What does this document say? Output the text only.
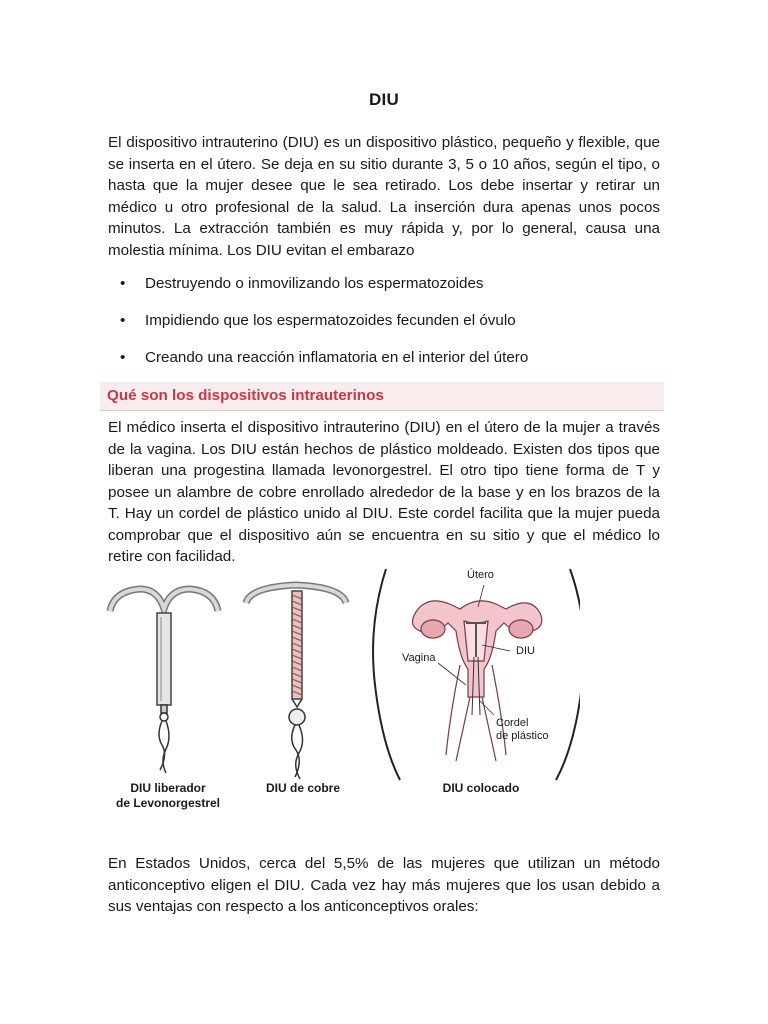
DIU

El dispositivo intrauterino (DIU) es un dispositivo plástico, pequeño y flexible, que se inserta en el útero. Se deja en su sitio durante 3, 5 o 10 años, según el tipo, o hasta que la mujer desee que le sea retirado. Los debe insertar y retirar un médico u otro profesional de la salud. La inserción dura apenas unos pocos minutos. La extracción también es muy rápida y, por lo general, causa una molestia mínima. Los DIU evitan el embarazo

• Destruyendo o inmovilizando los espermatozoides
• Impidiendo que los espermatozoides fecunden el óvulo
• Creando una reacción inflamatoria en el interior del útero
Qué son los dispositivos intrauterinos

El médico inserta el dispositivo intrauterino (DIU) en el útero de la mujer a través de la vagina. Los DIU están hechos de plástico moldeado. Existen dos tipos que liberan una progestina llamada levonorgestrel. El otro tipo tiene forma de T y posee un alambre de cobre enrollado alrededor de la base y en los brazos de la T. Hay un cordel de plástico unido al DIU. Este cordel facilita que la mujer pueda comprobar que el dispositivo aún se encuentra en su sitio y que el médico lo retire con facilidad.

Útero
DIU
Vagina
Cordel
de plástico
DIU liberador
de Levonorgestrel
DIU de cobre	DIU colocado

En Estados Unidos, cerca del 5,5% de las mujeres que utilizan un método anticonceptivo eligen el DIU. Cada vez hay más mujeres que los usan debido a sus ventajas con respecto a los anticonceptivos orales:
